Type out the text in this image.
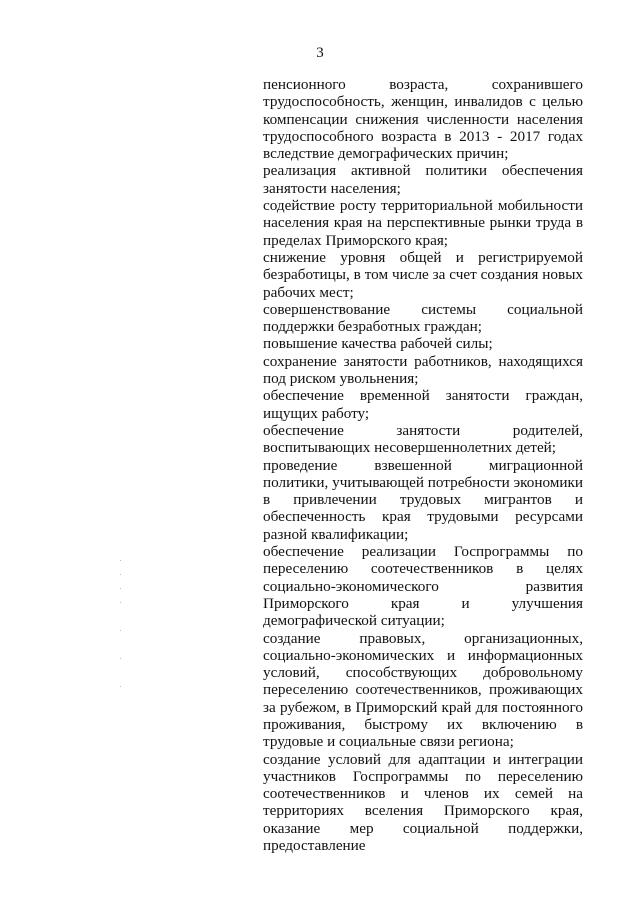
3

пенсионного возраста, сохранившего трудоспособность, женщин, инвалидов с целью компенсации снижения численности населения трудоспособного возраста в 2013 - 2017 годах вследствие демографических причин;

реализация активной политики обеспечения занятости населения;

содействие росту территориальной мобильности населения края на перспективные рынки труда в пределах Приморского края;

снижение уровня общей и регистрируемой безработицы, в том числе за счет создания новых рабочих мест;

совершенствование системы социальной поддержки безработных граждан;

повышение качества рабочей силы;

сохранение занятости работников, находящихся под риском увольнения;

обеспечение временной занятости граждан, ищущих работу;

обеспечение занятости родителей, воспитывающих несовершеннолетних детей;

проведение взвешенной миграционной политики, учитывающей потребности экономики в привлечении трудовых мигрантов и обеспеченность края трудовыми ресурсами разной квалификации;

обеспечение реализации Госпрограммы по переселению соотечественников в целях социально-экономического развития Приморского края и улучшения демографической ситуации;

создание правовых, организационных, социально-экономических и информационных условий, способствующих добровольному переселению соотечественников, проживающих за рубежом, в Приморский край для постоянного проживания, быстрому их включению в трудовые и социальные связи региона;

создание условий для адаптации и интеграции участников Госпрограммы по переселению соотечественников и членов их семей на территориях вселения Приморского края, оказание мер социальной поддержки, предоставление
